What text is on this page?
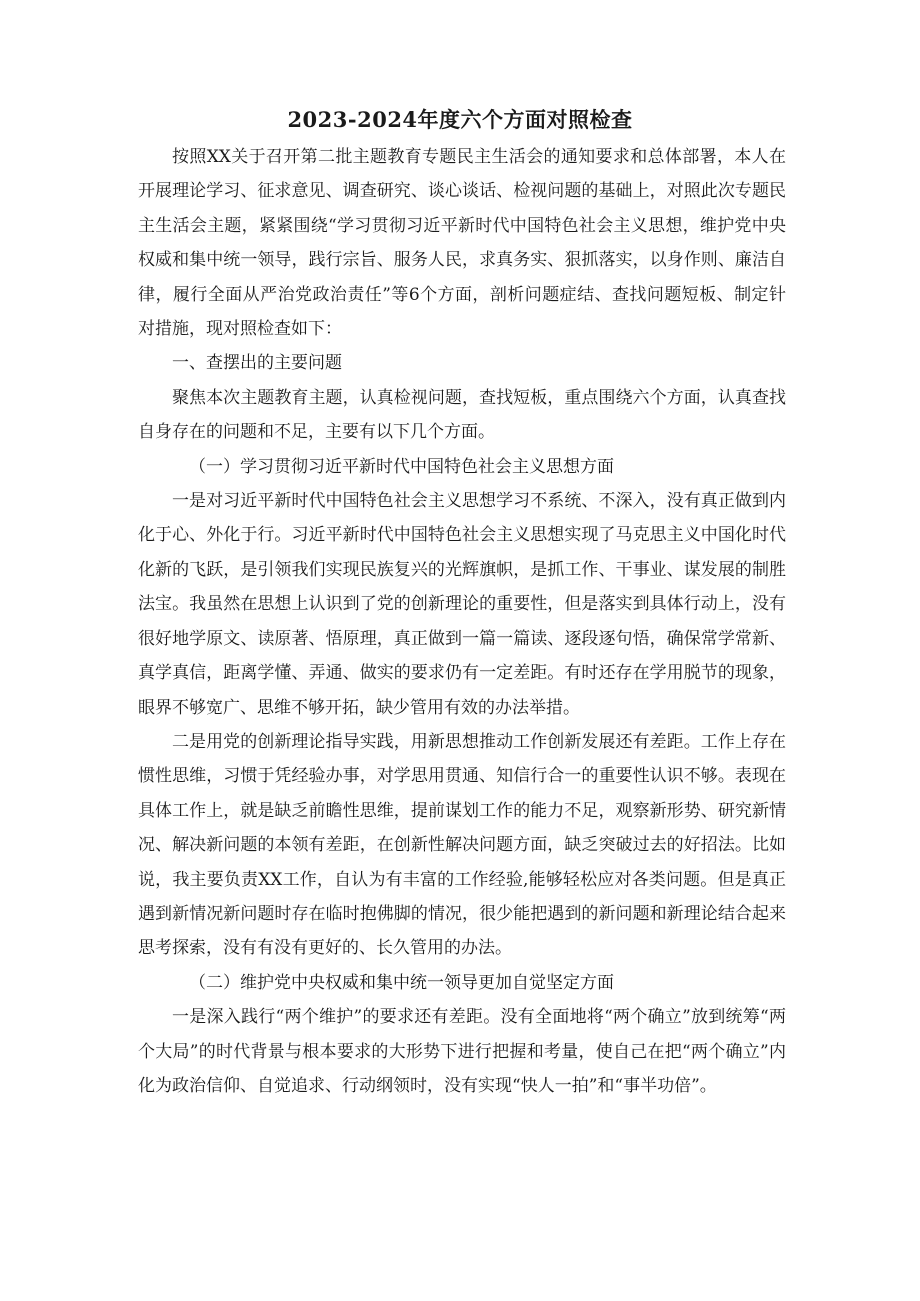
2023-2024年度六个方面对照检查

按照XX关于召开第二批主题教育专题民主生活会的通知要求和总体部署，本人在开展理论学习、征求意见、调查研究、谈心谈话、检视问题的基础上，对照此次专题民主生活会主题，紧紧围绕“学习贯彻习近平新时代中国特色社会主义思想，维护党中央权威和集中统一领导，践行宗旨、服务人民，求真务实、狠抓落实，以身作则、廉洁自律，履行全面从严治党政治责任”等6个方面，剖析问题症结、查找问题短板、制定针对措施，现对照检查如下：

一、查摆出的主要问题

聚焦本次主题教育主题，认真检视问题，查找短板，重点围绕六个方面，认真查找自身存在的问题和不足，主要有以下几个方面。

（一）学习贯彻习近平新时代中国特色社会主义思想方面

一是对习近平新时代中国特色社会主义思想学习不系统、不深入，没有真正做到内化于心、外化于行。习近平新时代中国特色社会主义思想实现了马克思主义中国化时代化新的飞跃，是引领我们实现民族复兴的光辉旗帜，是抓工作、干事业、谋发展的制胜法宝。我虽然在思想上认识到了党的创新理论的重要性，但是落实到具体行动上，没有很好地学原文、读原著、悟原理，真正做到一篇一篇读、逐段逐句悟，确保常学常新、真学真信，距离学懂、弄通、做实的要求仍有一定差距。有时还存在学用脱节的现象，眼界不够宽广、思维不够开拓，缺少管用有效的办法举措。

二是用党的创新理论指导实践，用新思想推动工作创新发展还有差距。工作上存在惯性思维，习惯于凭经验办事，对学思用贯通、知信行合一的重要性认识不够。表现在具体工作上，就是缺乏前瞻性思维，提前谋划工作的能力不足，观察新形势、研究新情况、解决新问题的本领有差距，在创新性解决问题方面，缺乏突破过去的好招法。比如说，我主要负责XX工作，自认为有丰富的工作经验,能够轻松应对各类问题。但是真正遇到新情况新问题时存在临时抱佛脚的情况，很少能把遇到的新问题和新理论结合起来思考探索，没有有没有更好的、长久管用的办法。

（二）维护党中央权威和集中统一领导更加自觉坚定方面

一是深入践行“两个维护”的要求还有差距。没有全面地将“两个确立”放到统筹“两个大局”的时代背景与根本要求的大形势下进行把握和考量，使自己在把“两个确立”内化为政治信仰、自觉追求、行动纲领时，没有实现“快人一拍”和“事半功倍”。
